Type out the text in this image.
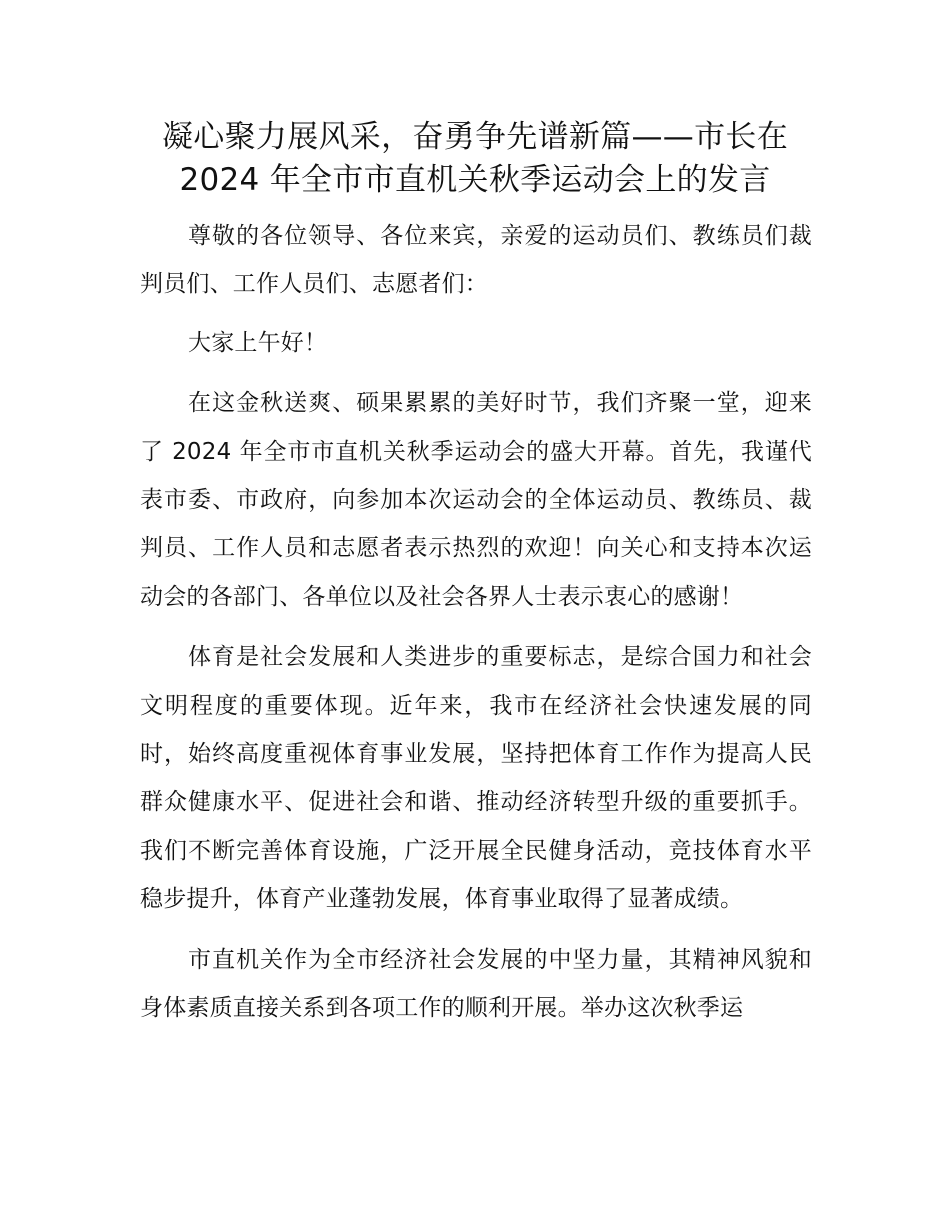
凝心聚力展风采，奋勇争先谱新篇——市长在
2024 年全市市直机关秋季运动会上的发言

尊敬的各位领导、各位来宾，亲爱的运动员们、教练员们裁判员们、工作人员们、志愿者们：

大家上午好！

在这金秋送爽、硕果累累的美好时节，我们齐聚一堂，迎来了 2024 年全市市直机关秋季运动会的盛大开幕。首先，我谨代表市委、市政府，向参加本次运动会的全体运动员、教练员、裁判员、工作人员和志愿者表示热烈的欢迎！向关心和支持本次运动会的各部门、各单位以及社会各界人士表示衷心的感谢！

体育是社会发展和人类进步的重要标志，是综合国力和社会文明程度的重要体现。近年来，我市在经济社会快速发展的同时，始终高度重视体育事业发展，坚持把体育工作作为提高人民群众健康水平、促进社会和谐、推动经济转型升级的重要抓手。我们不断完善体育设施，广泛开展全民健身活动，竞技体育水平稳步提升，体育产业蓬勃发展，体育事业取得了显著成绩。

市直机关作为全市经济社会发展的中坚力量，其精神风貌和身体素质直接关系到各项工作的顺利开展。举办这次秋季运
